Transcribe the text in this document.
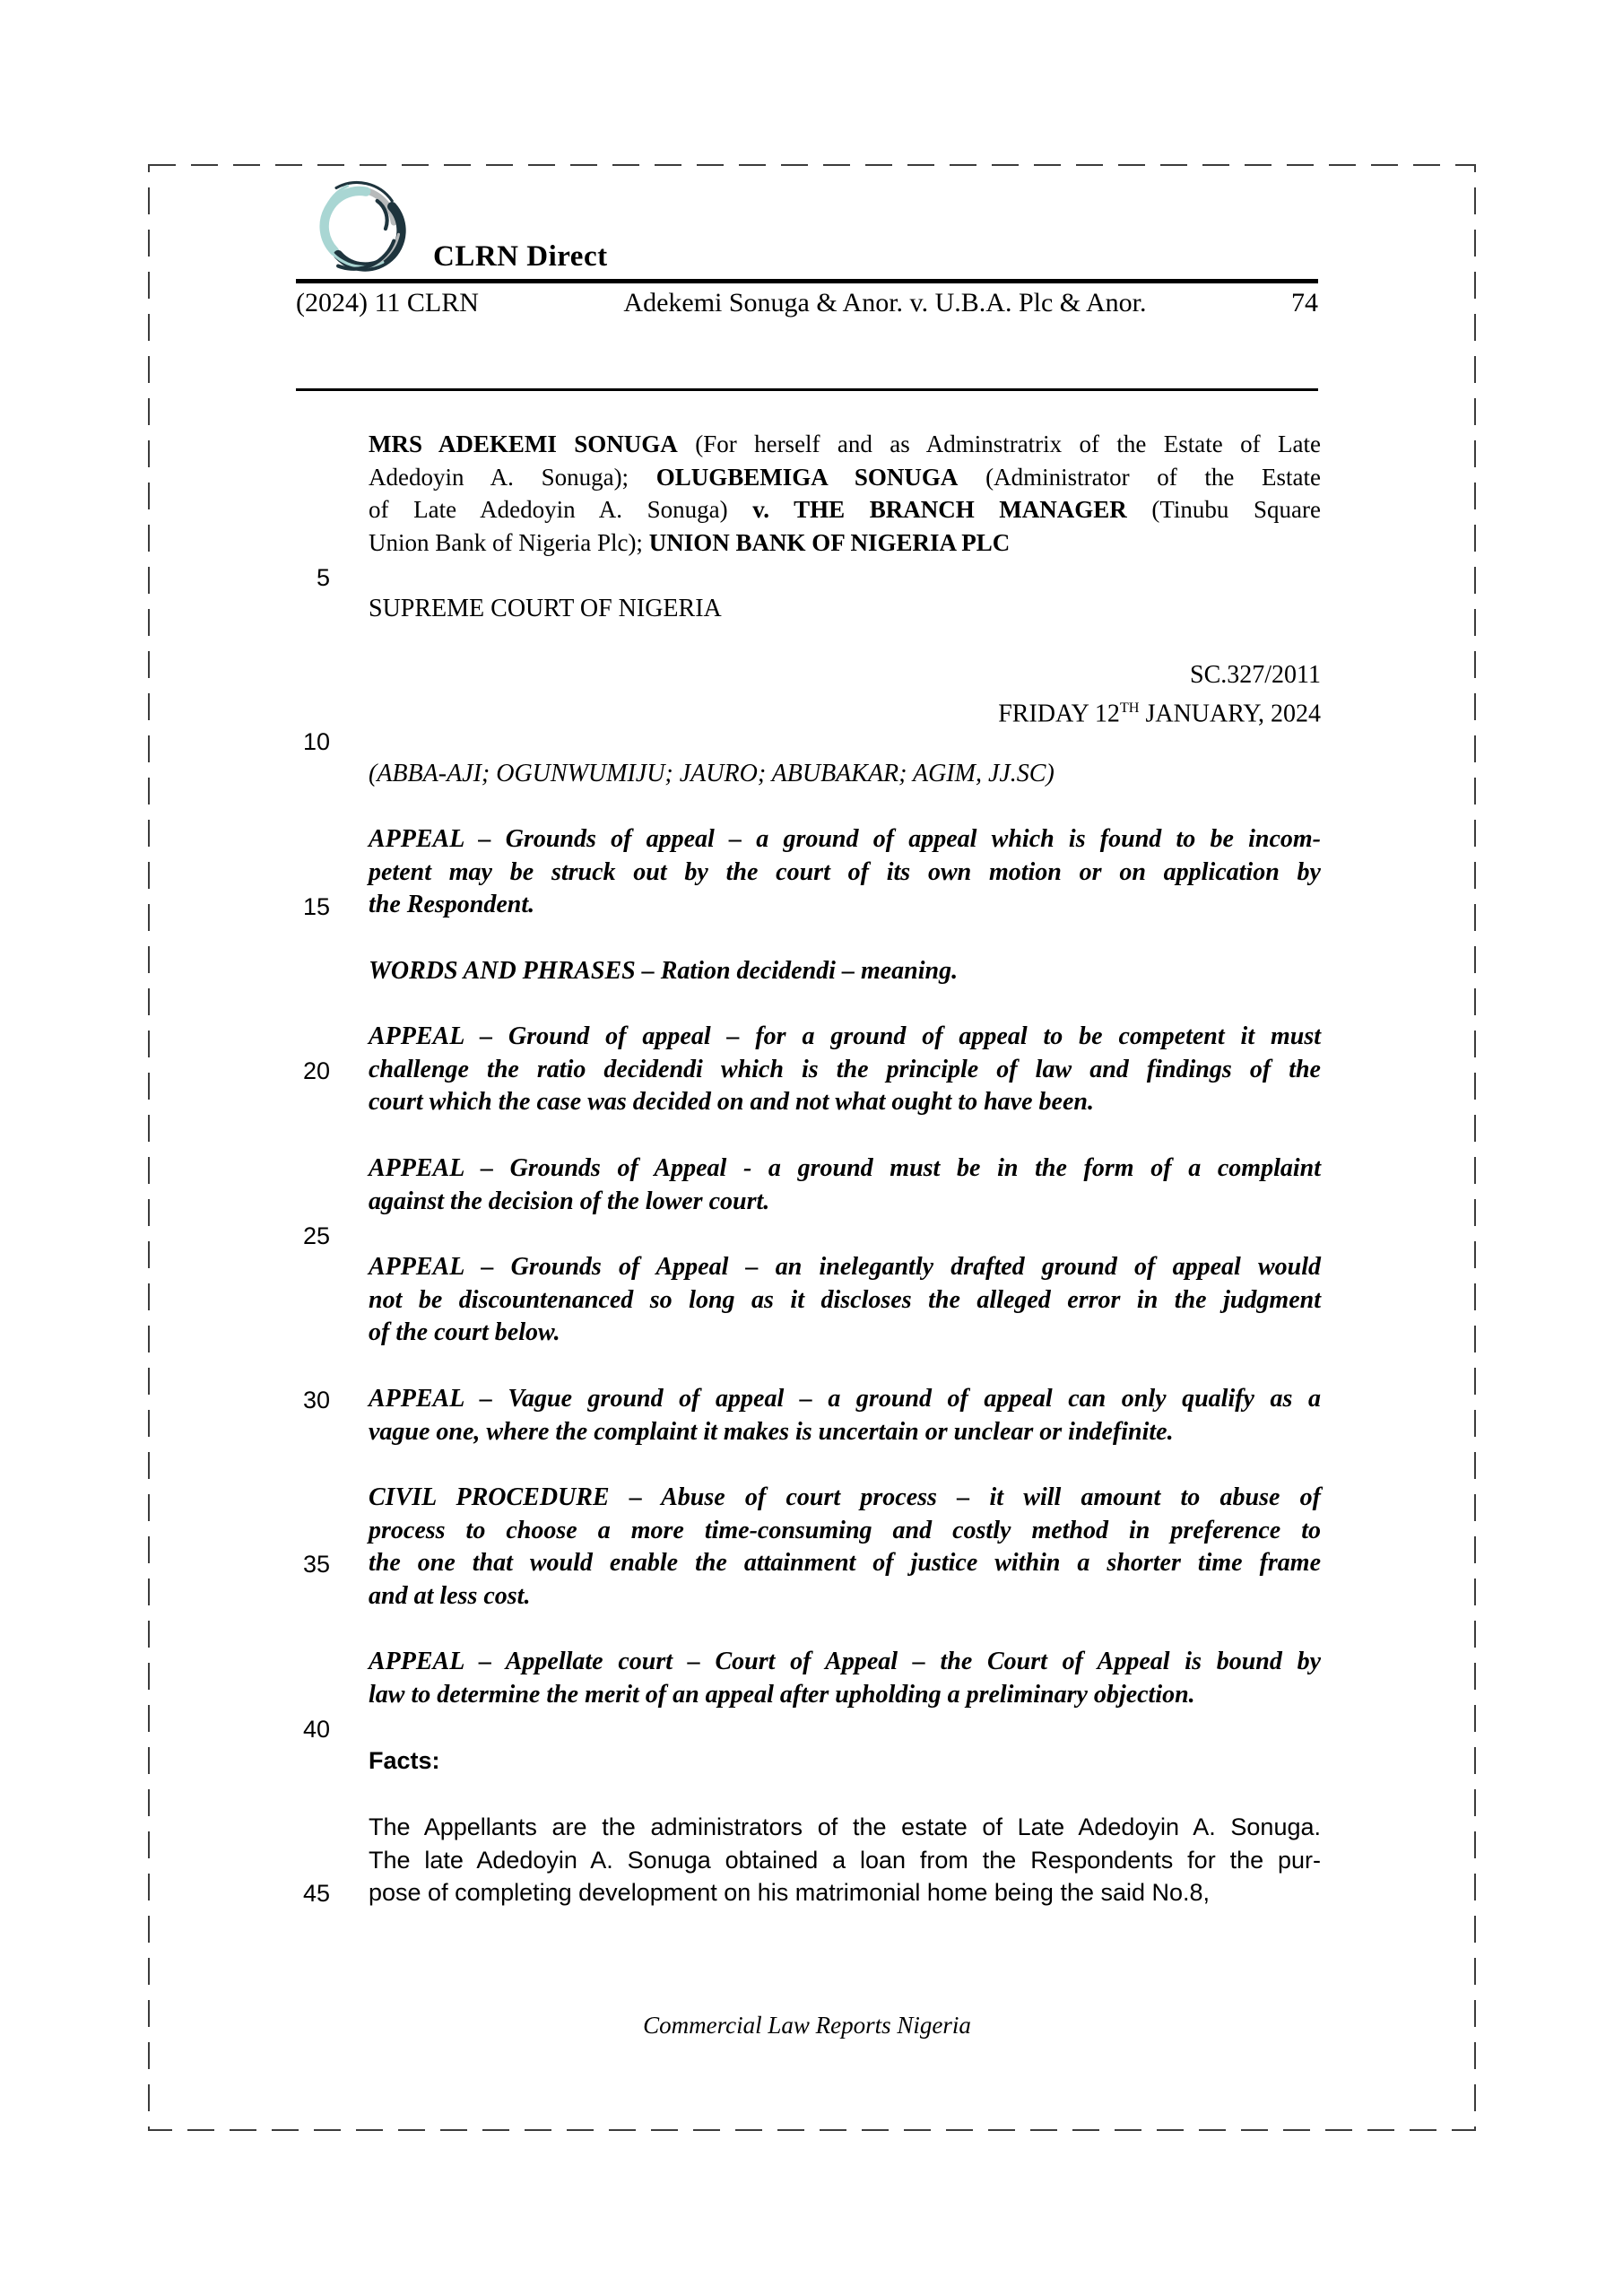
CLRN Direct
(2024) 11 CLRN	Adekemi Sonuga & Anor. v. U.B.A. Plc & Anor.	74
5
10
15
20
25
30
35
40
45
MRS ADEKEMI SONUGA (For herself and as Adminstratrix of the Estate of Late
Adedoyin A. Sonuga); OLUGBEMIGA SONUGA (Administrator of the Estate
of Late Adedoyin A. Sonuga) v. THE BRANCH MANAGER (Tinubu Square
Union Bank of Nigeria Plc); UNION BANK OF NIGERIA PLC
SUPREME COURT OF NIGERIA
SC.327/2011
FRIDAY 12TH JANUARY, 2024
(ABBA-AJI; OGUNWUMIJU; JAURO; ABUBAKAR; AGIM, JJ.SC)
APPEAL – Grounds of appeal – a ground of appeal which is found to be incom-
petent may be struck out by the court of its own motion or on application by
the Respondent.
WORDS AND PHRASES – Ration decidendi – meaning.
APPEAL – Ground of appeal – for a ground of appeal to be competent it must
challenge the ratio decidendi which is the principle of law and findings of the
court which the case was decided on and not what ought to have been.
APPEAL – Grounds of Appeal - a ground must be in the form of a complaint
against the decision of the lower court.
APPEAL – Grounds of Appeal – an inelegantly drafted ground of appeal would
not be discountenanced so long as it discloses the alleged error in the judgment
of the court below.
APPEAL – Vague ground of appeal – a ground of appeal can only qualify as a
vague one, where the complaint it makes is uncertain or unclear or indefinite.
CIVIL PROCEDURE – Abuse of court process – it will amount to abuse of
process to choose a more time-consuming and costly method in preference to
the one that would enable the attainment of justice within a shorter time frame
and at less cost.
APPEAL – Appellate court – Court of Appeal – the Court of Appeal is bound by
law to determine the merit of an appeal after upholding a preliminary objection.
Facts:
The Appellants are the administrators of the estate of Late Adedoyin A. Sonuga.
The late Adedoyin A. Sonuga obtained a loan from the Respondents for the pur-
pose of completing development on his matrimonial home being the said No.8,
Commercial Law Reports Nigeria
